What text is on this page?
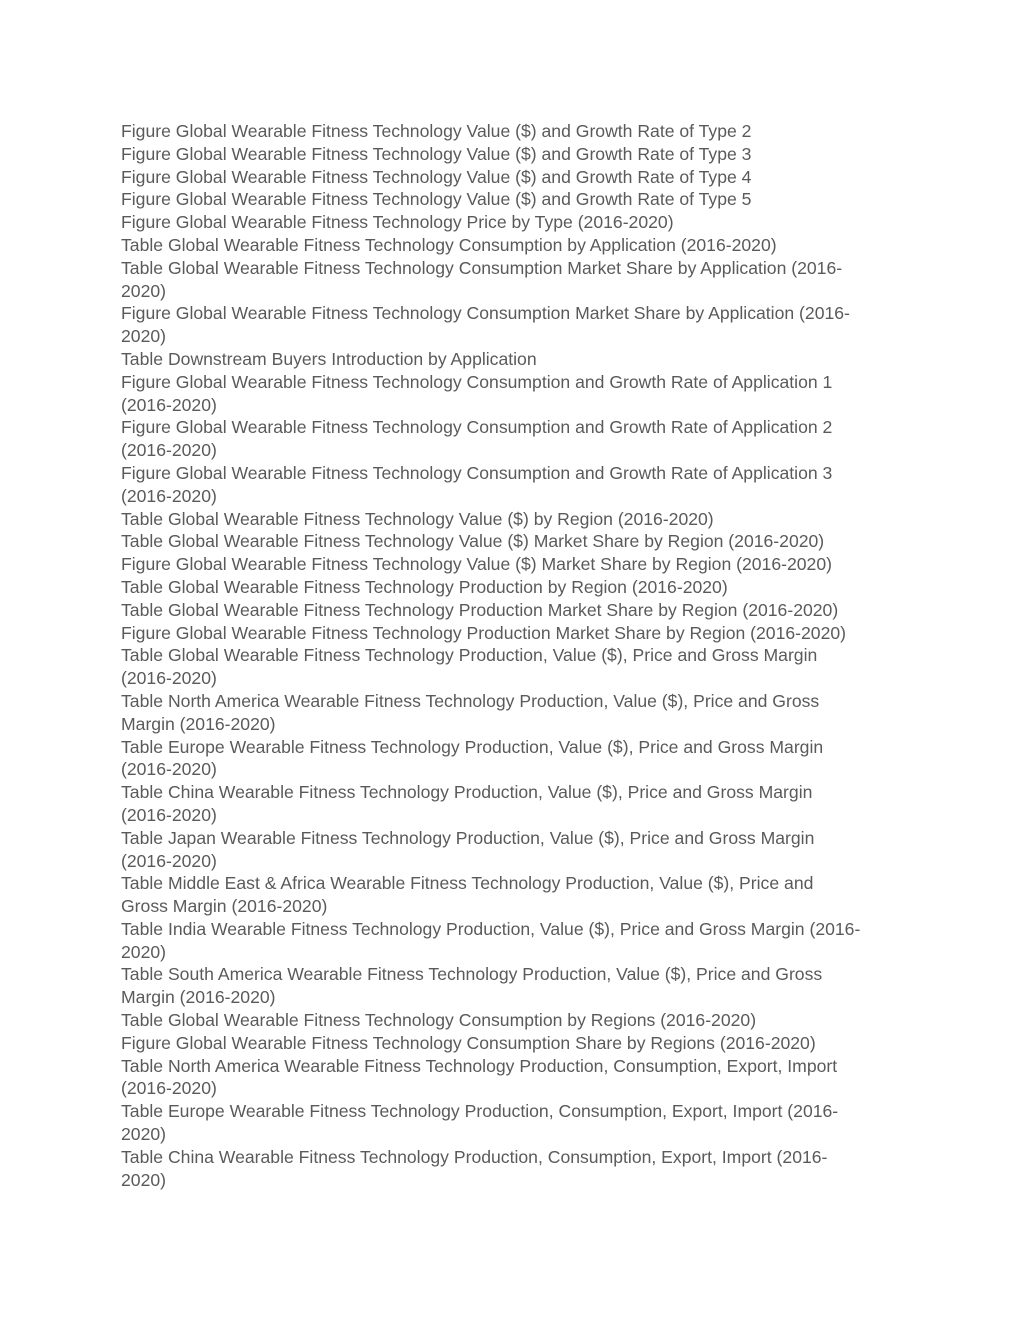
Figure Global Wearable Fitness Technology Value ($) and Growth Rate of Type 2

Figure Global Wearable Fitness Technology Value ($) and Growth Rate of Type 3

Figure Global Wearable Fitness Technology Value ($) and Growth Rate of Type 4

Figure Global Wearable Fitness Technology Value ($) and Growth Rate of Type 5

Figure Global Wearable Fitness Technology Price by Type (2016-2020)

Table Global Wearable Fitness Technology Consumption by Application (2016-2020)

Table Global Wearable Fitness Technology Consumption Market Share by Application (2016-
2020)

Figure Global Wearable Fitness Technology Consumption Market Share by Application (2016-
2020)

Table Downstream Buyers Introduction by Application

Figure Global Wearable Fitness Technology Consumption and Growth Rate of Application 1
(2016-2020)

Figure Global Wearable Fitness Technology Consumption and Growth Rate of Application 2
(2016-2020)

Figure Global Wearable Fitness Technology Consumption and Growth Rate of Application 3
(2016-2020)

Table Global Wearable Fitness Technology Value ($) by Region (2016-2020)

Table Global Wearable Fitness Technology Value ($) Market Share by Region (2016-2020)

Figure Global Wearable Fitness Technology Value ($) Market Share by Region (2016-2020)

Table Global Wearable Fitness Technology Production by Region (2016-2020)

Table Global Wearable Fitness Technology Production Market Share by Region (2016-2020)

Figure Global Wearable Fitness Technology Production Market Share by Region (2016-2020)

Table Global Wearable Fitness Technology Production, Value ($), Price and Gross Margin
(2016-2020)

Table North America Wearable Fitness Technology Production, Value ($), Price and Gross
Margin (2016-2020)

Table Europe Wearable Fitness Technology Production, Value ($), Price and Gross Margin
(2016-2020)

Table China Wearable Fitness Technology Production, Value ($), Price and Gross Margin
(2016-2020)

Table Japan Wearable Fitness Technology Production, Value ($), Price and Gross Margin
(2016-2020)

Table Middle East & Africa Wearable Fitness Technology Production, Value ($), Price and
Gross Margin (2016-2020)

Table India Wearable Fitness Technology Production, Value ($), Price and Gross Margin (2016-
2020)

Table South America Wearable Fitness Technology Production, Value ($), Price and Gross
Margin (2016-2020)

Table Global Wearable Fitness Technology Consumption by Regions (2016-2020)

Figure Global Wearable Fitness Technology Consumption Share by Regions (2016-2020)

Table North America Wearable Fitness Technology Production, Consumption, Export, Import
(2016-2020)

Table Europe Wearable Fitness Technology Production, Consumption, Export, Import (2016-
2020)

Table China Wearable Fitness Technology Production, Consumption, Export, Import (2016-
2020)
